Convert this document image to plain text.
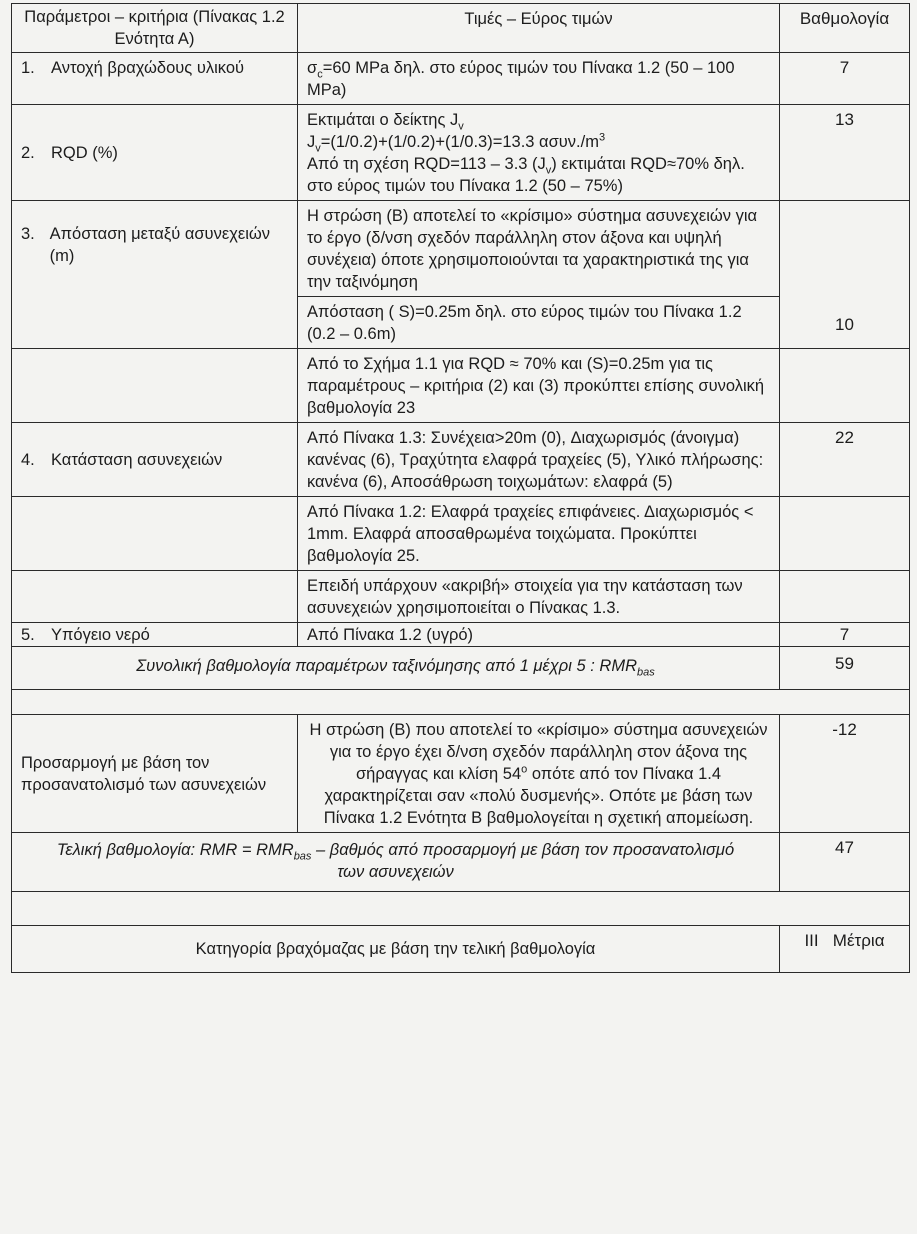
Παράμετροι – κριτήρια (Πίνακας 1.2 Ενότητα Α)	Τιμές – Εύρος τιμών	Βαθμολογία
1. Αντοχή βραχώδους υλικού	$\sigma_c=60$ MPa δηλ. στο εύρος τιμών του Πίνακα 1.2 (50 – 100 MPa)	7
2. RQD (%)	Εκτιμάται ο δείκτης $J_v$
$J_v=(1/0.2)+(1/0.2)+(1/0.3)=13.3$ $\alpha\sigma\upsilon\nu./m^3$
Από τη σχέση RQD=113 – 3.3 $(J_v)$ εκτιμάται RQD≈70% δηλ. στο εύρος τιμών του Πίνακα 1.2 (50 – 75%)	13

3. Απόσταση μεταξύ ασυνεχειών (m)	Η στρώση (Β) αποτελεί το «κρίσιμο» σύστημα ασυνεχειών για το έργο (δ/νση σχεδόν παράλληλη στον άξονα και υψηλή συνέχεια) όποτε χρησιμοποιούνται τα χαρακτηριστικά της για την ταξινόμηση	10
	Απόσταση ( S)=0.25m δηλ. στο εύρος τιμών του Πίνακα 1.2 (0.2 – 0.6m)	
	Από το Σχήμα 1.1 για RQD ≈ 70% και (S)=0.25m για τις παραμέτρους – κριτήρια (2) και (3) προκύπτει επίσης συνολική βαθμολογία 23	
4. Κατάσταση ασυνεχειών	Από Πίνακα 1.3: Συνέχεια>20m (0), Διαχωρισμός (άνοιγμα) κανένας (6), Τραχύτητα ελαφρά τραχείες (5), Υλικό πλήρωσης: κανένα (6), Αποσάθρωση τοιχωμάτων: ελαφρά (5)	22
	Από Πίνακα 1.2: Ελαφρά τραχείες επιφάνειες. Διαχωρισμός < 1mm. Ελαφρά αποσαθρωμένα τοιχώματα. Προκύπτει βαθμολογία 25.	
	Επειδή υπάρχουν «ακριβή» στοιχεία για την κατάσταση των ασυνεχειών χρησιμοποιείται ο Πίνακας 1.3.	
5. Υπόγειο νερό	Από Πίνακα 1.2 (υγρό)	7
Συνολική βαθμολογία παραμέτρων ταξινόμησης από 1 μέχρι 5 : $RMR_{bas}$		59

Προσαρμογή με βάση τον προσανατολισμό των ασυνεχειών	Η στρώση (Β) που αποτελεί το «κρίσιμο» σύστημα ασυνεχειών για το έργο έχει δ/νση σχεδόν παράλληλη στον άξονα της σήραγγας και κλίση 54$^o$ οπότε από τον Πίνακα 1.4 χαρακτηρίζεται σαν «πολύ δυσμενής». Οπότε με βάση των Πίνακα 1.2 Ενότητα Β βαθμολογείται η σχετική απομείωση.	-12
Τελική βαθμολογία: RMR = $RMR_{bas}$ – βαθμός από προσαρμογή με βάση τον προσανατολισμό των ασυνεχειών		47

Κατηγορία βραχόμαζας με βάση την τελική βαθμολογία		III Μέτρια
